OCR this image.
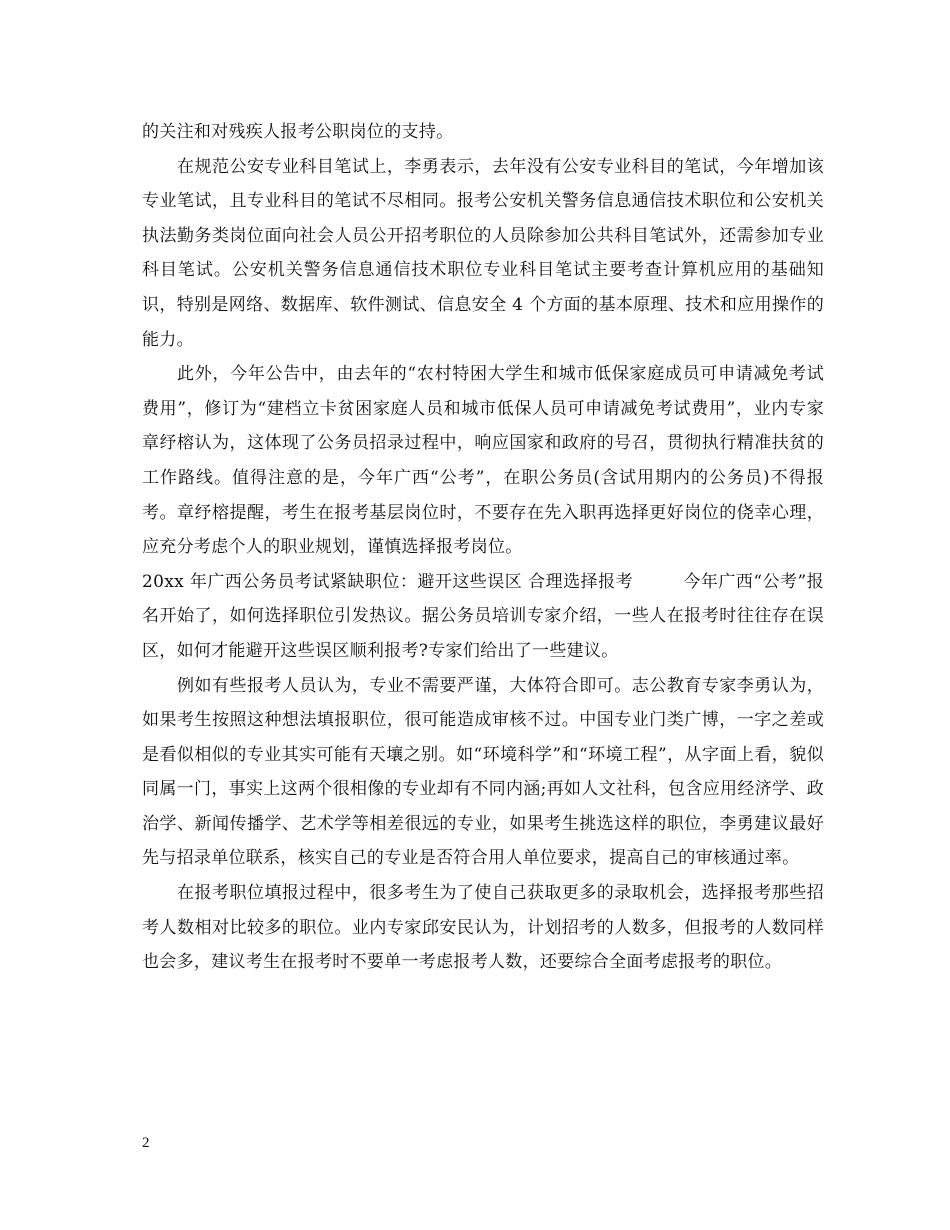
的关注和对残疾人报考公职岗位的支持。

在规范公安专业科目笔试上，李勇表示，去年没有公安专业科目的笔试，今年增加该专业笔试，且专业科目的笔试不尽相同。报考公安机关警务信息通信技术职位和公安机关执法勤务类岗位面向社会人员公开招考职位的人员除参加公共科目笔试外，还需参加专业科目笔试。公安机关警务信息通信技术职位专业科目笔试主要考查计算机应用的基础知识，特别是网络、数据库、软件测试、信息安全 4 个方面的基本原理、技术和应用操作的能力。

此外，今年公告中，由去年的“农村特困大学生和城市低保家庭成员可申请减免考试费用”，修订为“建档立卡贫困家庭人员和城市低保人员可申请减免考试费用”，业内专家章纾榕认为，这体现了公务员招录过程中，响应国家和政府的号召，贯彻执行精准扶贫的工作路线。值得注意的是，今年广西“公考”，在职公务员(含试用期内的公务员)不得报考。章纾榕提醒，考生在报考基层岗位时，不要存在先入职再选择更好岗位的侥幸心理，应充分考虑个人的职业规划，谨慎选择报考岗位。

20xx 年广西公务员考试紧缺职位：避开这些误区 合理选择报考	今年广西“公考”报名开始了，如何选择职位引发热议。据公务员培训专家介绍，一些人在报考时往往存在误区，如何才能避开这些误区顺利报考?专家们给出了一些建议。

例如有些报考人员认为，专业不需要严谨，大体符合即可。志公教育专家李勇认为，如果考生按照这种想法填报职位，很可能造成审核不过。中国专业门类广博，一字之差或是看似相似的专业其实可能有天壤之别。如“环境科学”和“环境工程”，从字面上看，貌似同属一门，事实上这两个很相像的专业却有不同内涵;再如人文社科，包含应用经济学、政治学、新闻传播学、艺术学等相差很远的专业，如果考生挑选这样的职位，李勇建议最好先与招录单位联系，核实自己的专业是否符合用人单位要求，提高自己的审核通过率。

在报考职位填报过程中，很多考生为了使自己获取更多的录取机会，选择报考那些招考人数相对比较多的职位。业内专家邱安民认为，计划招考的人数多，但报考的人数同样也会多，建议考生在报考时不要单一考虑报考人数，还要综合全面考虑报考的职位。

2
